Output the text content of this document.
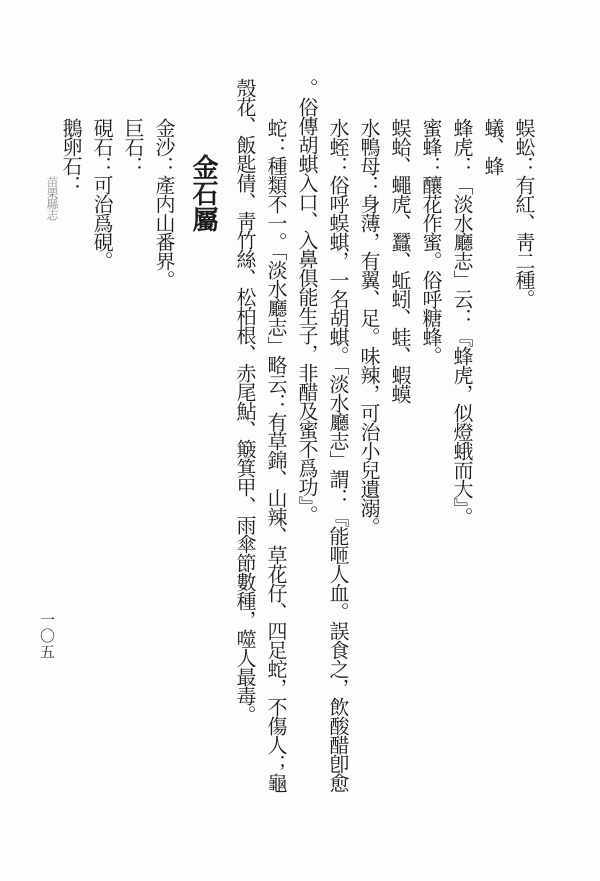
苗栗縣志	蜈蚣：有紅、靑二種。
蟻、蜂
蜂虎：「淡水廳志」云：『蜂虎，似燈蛾而大』。
蜜蜂：釀花作蜜。俗呼糖蜂。
蜈蛤、蠅虎、蠶、蚯蚓、蛙、蝦蟆
水鴨母：身薄，有翼、足。味辣，可治小兒遺溺。
水蛭：俗呼蜈蜞，一名胡蜞。「淡水廳志」謂：『能咂人血。誤食之，飲酸醋卽愈
。俗傳胡蜞入口、入鼻俱能生子，非醋及蜜不爲功』。
蛇：種類不一。「淡水廳志」略云：有草錦、山辣、草花仔、四足蛇，不傷人；龜
殼花、飯匙倩、靑竹絲、松柏根、赤尾鮎、簸箕甲、雨傘節數種，噬人最毒。
金石屬
金沙：產内山番界。
巨石：
硯石：可治爲硯。
鵝卵石：
一〇五
